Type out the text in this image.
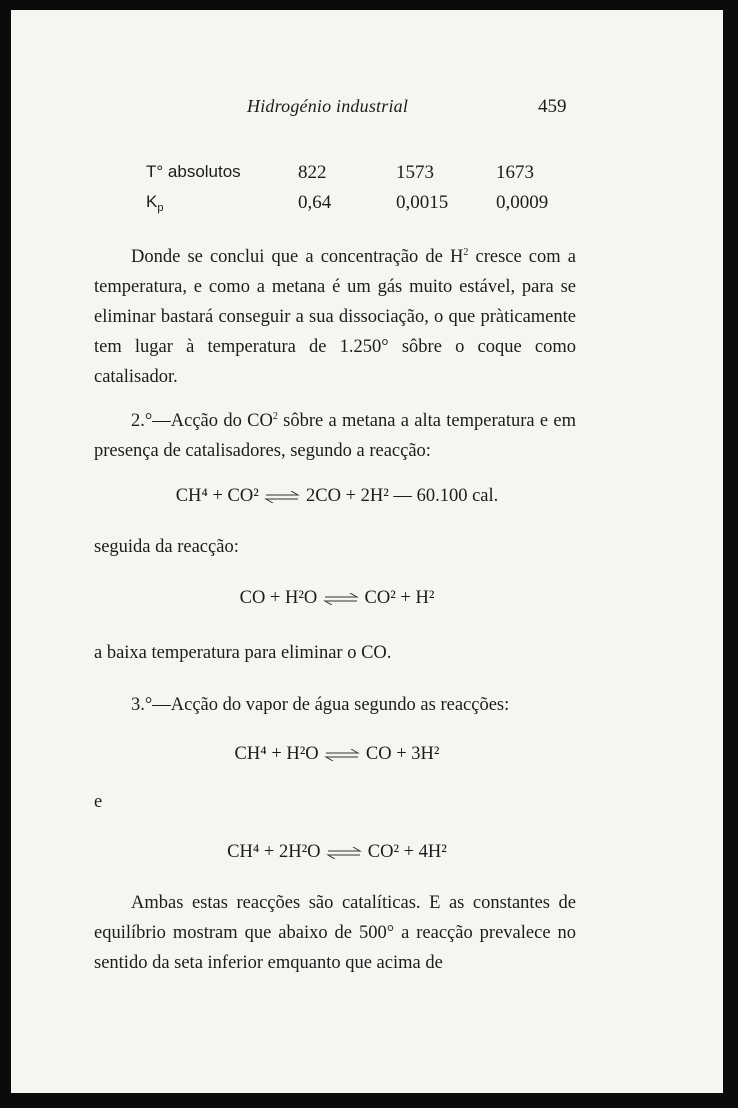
Hidrogénio industrial	459
T° absolutos	822	1573	1673
$K_p$	0,64	0,0015	0,0009

Donde se conclui que a concentração de $H^2$ cresce com a temperatura, e como a metana é um gás muito estável, para se eliminar bastará conseguir a sua dissociação, o que pràticamente tem lugar à temperatura de 1.250° sôbre o coque como catalisador.

2.°—Acção do $CO^2$ sôbre a metana a alta temperatura e em presença de catalisadores, segundo a reacção:

CH⁴ + CO² ⇌ 2CO + 2H² — 60.100 cal.

seguida da reacção:

CO + H²O ⇌ CO² + H²

a baixa temperatura para eliminar o CO.

3.°—Acção do vapor de água segundo as reacções:

CH⁴ + H²O ⇌ CO + 3H²
e
CH⁴ + 2H²O ⇌ CO² + 4H²

Ambas estas reacções são catalíticas. E as constantes de equilíbrio mostram que abaixo de 500° a reacção prevalece no sentido da seta inferior emquanto que acima de
